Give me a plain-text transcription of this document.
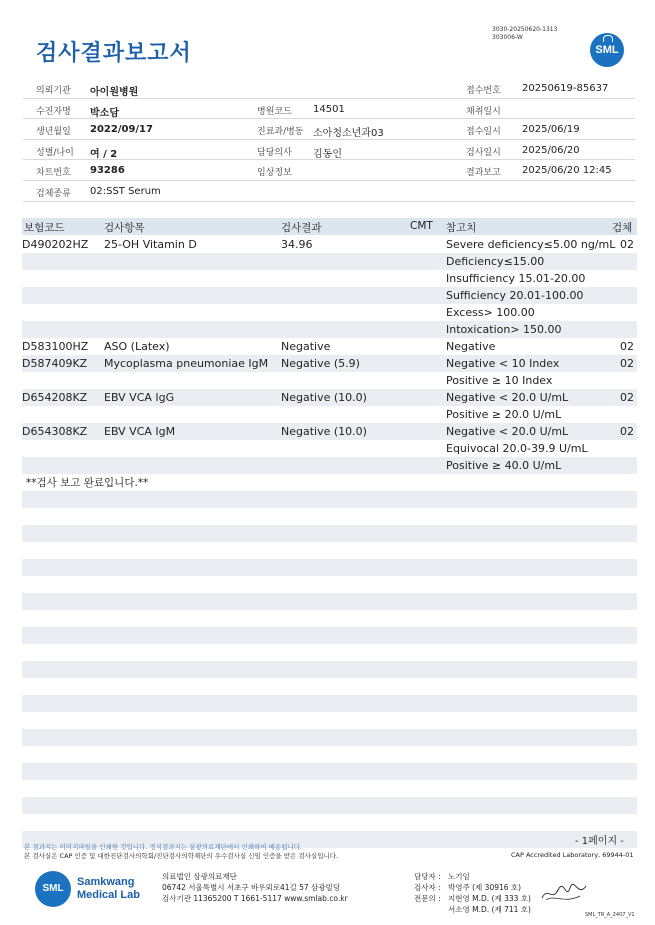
검사결과보고서
3030-20250620-1313
303006-W
SML
의뢰기관 아이원병원	접수번호 20250619-85637
수진자명 박소담	병원코드 14501	채취일시
생년월일 2022/09/17	진료과/병동 소아청소년과03	접수일시 2025/06/19
성별/나이 여 / 2	담당의사 김동인	검사일시 2025/06/20
차트번호 93286	임상정보	결과보고 2025/06/20 12:45
검체종류 02:SST Serum
보험코드	검사항목	검사결과	CMT 참고치	검체
D490202HZ 25-OH Vitamin D	34.96	Severe deficiency≤5.00 ng/mL 02
Deficiency≤15.00
Insufficiency 15.01-20.00
Sufficiency 20.01-100.00
Excess> 100.00
Intoxication> 150.00
D583100HZ ASO (Latex)	Negative	Negative	02
D587409KZ Mycoplasma pneumoniae IgM Negative (5.9)	Negative < 10 Index	02
Positive ≥ 10 Index
D654208KZ EBV VCA IgG	Negative (10.0)	Negative < 20.0 U/mL	02
Positive ≥ 20.0 U/mL
D654308KZ EBV VCA IgM	Negative (10.0)	Negative < 20.0 U/mL	02
Equivocal 20.0-39.9 U/mL
Positive ≥ 40.0 U/mL
**검사 보고 완료입니다.**
- 1페이지 -
본 결과지는 이미지파일을 인쇄한 것입니다. 정식결과지는 삼광의료재단에서 인쇄하여 배송됩니다.
본 검사실은 CAP 인증 및 대한진단검사의학회/진단검사의학재단의 우수검사실 신임 인증을 받은 검사실입니다.	CAP Accredited Laboratory, 69944-01
SML
Samkwang
Medical Lab
의료법인 삼광의료재단
06742 서울특별시 서초구 바우뫼로41길 57 삼광빌딩
검사기관 11365200 T 1661-5117 www.smlab.co.kr
담당자 : 노기임
검사자 : 박영주 (제 30916 호)
전문의 : 지현영 M.D. (제 333 호)
서소영 M.D. (제 711 호)
SML_TR_A_2407_V1
